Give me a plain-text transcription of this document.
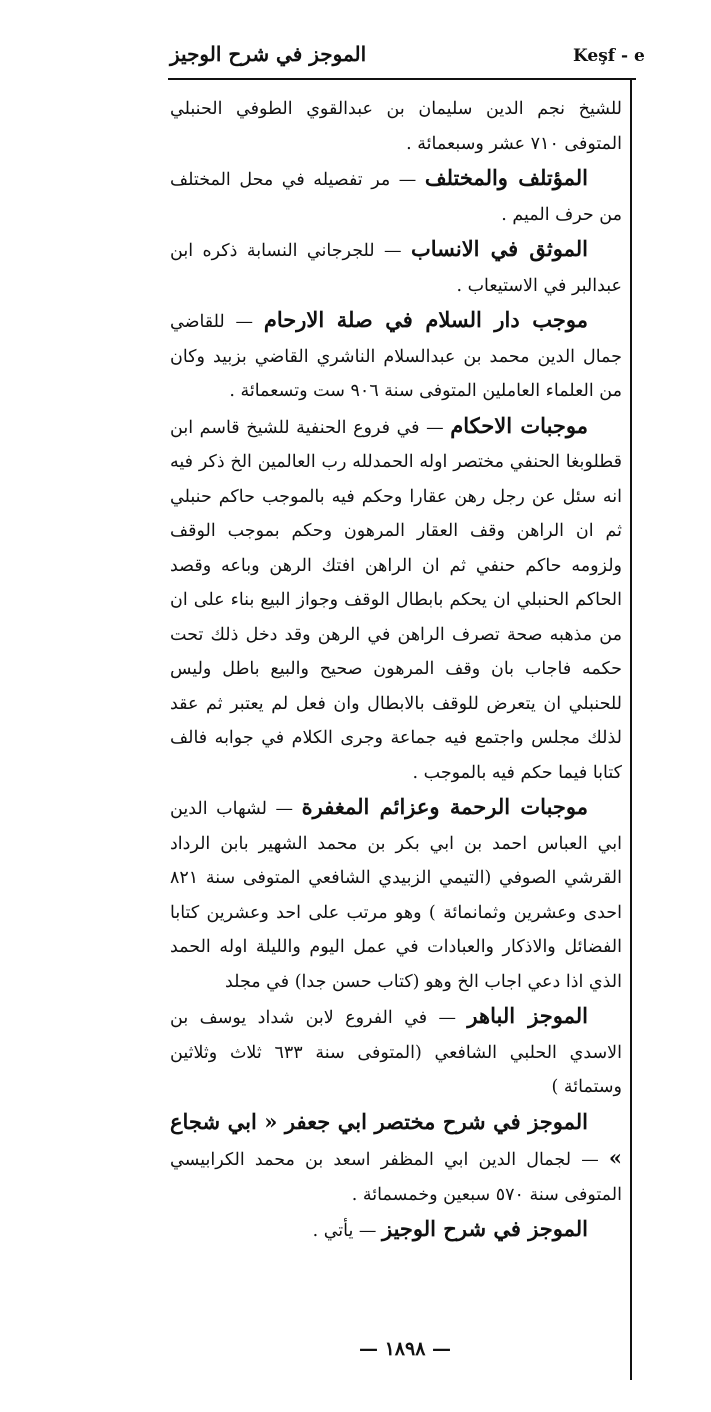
Keşf - e
الموجز في شرح الوجيز

للشيخ نجم الدين سليمان بن عبدالقوي الطوفي الحنبلي المتوفى ٧١٠ عشر وسبعمائة .

المؤتلف والمختلف — مر تفصيله في محل المختلف من حرف الميم .

الموثق في الانساب — للجرجاني النسابة ذكره ابن عبدالبر في الاستيعاب .

موجب دار السلام في صلة الارحام — للقاضي جمال الدين محمد بن عبدالسلام الناشري القاضي بزبيد وكان من العلماء العاملين المتوفى سنة ٩٠٦ ست وتسعمائة .

موجبات الاحكام — في فروع الحنفية للشيخ قاسم ابن قطلوبغا الحنفي مختصر اوله الحمدلله رب العالمين الخ ذكر فيه انه سئل عن رجل رهن عقارا وحكم فيه بالموجب حاكم حنبلي ثم ان الراهن وقف العقار المرهون وحكم بموجب الوقف ولزومه حاكم حنفي ثم ان الراهن افتك الرهن وباعه وقصد الحاكم الحنبلي ان يحكم بابطال الوقف وجواز البيع بناء على ان من مذهبه صحة تصرف الراهن في الرهن وقد دخل ذلك تحت حكمه فاجاب بان وقف المرهون صحيح والبيع باطل وليس للحنبلي ان يتعرض للوقف بالابطال وان فعل لم يعتبر ثم عقد لذلك مجلس واجتمع فيه جماعة وجرى الكلام في جوابه فالف كتابا فيما حكم فيه بالموجب .

موجبات الرحمة وعزائم المغفرة — لشهاب الدين ابي العباس احمد بن ابي بكر بن محمد الشهير بابن الرداد القرشي الصوفي (التيمي الزبيدي الشافعي المتوفى سنة ٨٢١ احدى وعشرين وثمانمائة ) وهو مرتب على احد وعشرين كتابا الفضائل والاذكار والعبادات في عمل اليوم والليلة اوله الحمد الذي اذا دعي اجاب الخ وهو (كتاب حسن جدا) في مجلد

الموجز الباهر — في الفروع لابن شداد يوسف بن الاسدي الحلبي الشافعي (المتوفى سنة ٦٣٣ ثلاث وثلاثين وستمائة )

الموجز في شرح مختصر ابي جعفر « ابي شجاع » — لجمال الدين ابي المظفر اسعد بن محمد الكرابيسي المتوفى سنة ٥٧٠ سبعين وخمسمائة .

الموجز في شرح الوجيز — يأتي .

— ١٨٩٨ —
